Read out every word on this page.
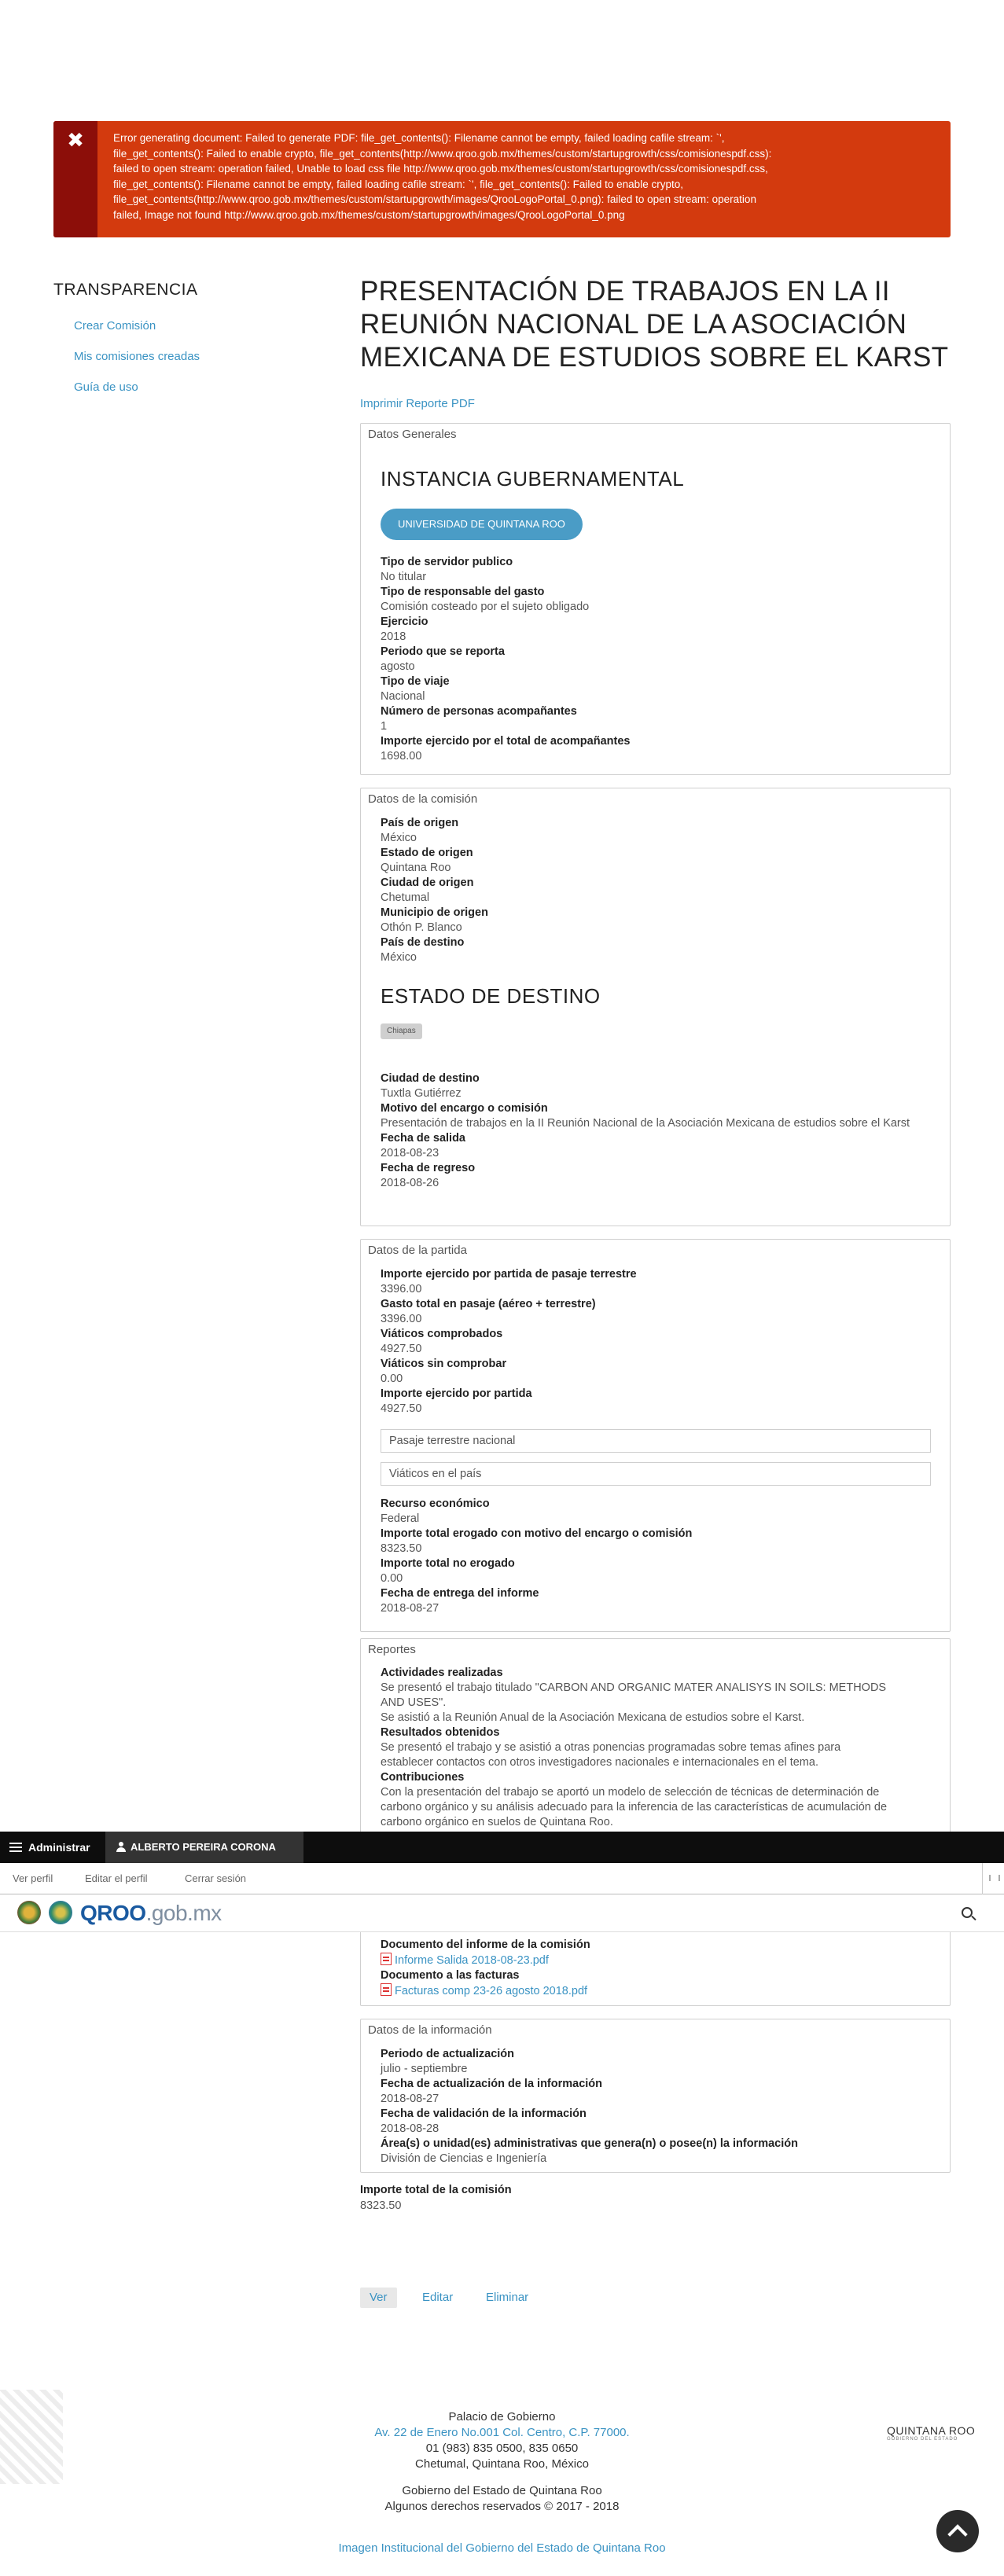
✖	Error generating document: Failed to generate PDF: file_get_contents(): Filename cannot be empty, failed loading cafile stream: `',
file_get_contents(): Failed to enable crypto, file_get_contents(http://www.qroo.gob.mx/themes/custom/startupgrowth/css/comisionespdf.css):
failed to open stream: operation failed, Unable to load css file http://www.qroo.gob.mx/themes/custom/startupgrowth/css/comisionespdf.css,
file_get_contents(): Filename cannot be empty, failed loading cafile stream: `', file_get_contents(): Failed to enable crypto,
file_get_contents(http://www.qroo.gob.mx/themes/custom/startupgrowth/images/QrooLogoPortal_0.png): failed to open stream: operation
failed, Image not found http://www.qroo.gob.mx/themes/custom/startupgrowth/images/QrooLogoPortal_0.png
TRANSPARENCIA
Crear Comisión
Mis comisiones creadas
Guía de uso
PRESENTACIÓN DE TRABAJOS EN LA II REUNIÓN NACIONAL DE LA ASOCIACIÓN MEXICANA DE ESTUDIOS SOBRE EL KARST
Imprimir Reporte PDF
Datos Generales
INSTANCIA GUBERNAMENTAL
UNIVERSIDAD DE QUINTANA ROO
Tipo de servidor publico
No titular
Tipo de responsable del gasto
Comisión costeado por el sujeto obligado
Ejercicio
2018
Periodo que se reporta
agosto
Tipo de viaje
Nacional
Número de personas acompañantes
1
Importe ejercido por el total de acompañantes
1698.00
Datos de la comisión
País de origen
México
Estado de origen
Quintana Roo
Ciudad de origen
Chetumal
Municipio de origen
Othón P. Blanco
País de destino
México
ESTADO DE DESTINO
Chiapas
Ciudad de destino
Tuxtla Gutiérrez
Motivo del encargo o comisión
Presentación de trabajos en la II Reunión Nacional de la Asociación Mexicana de estudios sobre el Karst
Fecha de salida
2018-08-23
Fecha de regreso
2018-08-26
Datos de la partida
Importe ejercido por partida de pasaje terrestre
3396.00
Gasto total en pasaje (aéreo + terrestre)
3396.00
Viáticos comprobados
4927.50
Viáticos sin comprobar
0.00
Importe ejercido por partida
4927.50
Pasaje terrestre nacional
Viáticos en el país
Recurso económico
Federal
Importe total erogado con motivo del encargo o comisión
8323.50
Importe total no erogado
0.00
Fecha de entrega del informe
2018-08-27
Reportes
Actividades realizadas
Se presentó el trabajo titulado "CARBON AND ORGANIC MATER ANALISYS IN SOILS: METHODS
AND USES".
Se asistió a la Reunión Anual de la Asociación Mexicana de estudios sobre el Karst.
Resultados obtenidos
Se presentó el trabajo y se asistió a otras ponencias programadas sobre temas afines para
establecer contactos con otros investigadores nacionales e internacionales en el tema.
Contribuciones
Con la presentación del trabajo se aportó un modelo de selección de técnicas de determinación de
carbono orgánico y su análisis adecuado para la inferencia de las características de acumulación de
carbono orgánico en suelos de Quintana Roo.
Documento del informe de la comisión
Informe Salida 2018-08-23.pdf
Documento a las facturas
Facturas comp 23-26 agosto 2018.pdf
Datos de la información
Periodo de actualización
julio - septiembre
Fecha de actualización de la información
2018-08-27
Fecha de validación de la información
2018-08-28
Área(s) o unidad(es) administrativas que genera(n) o posee(n) la información
División de Ciencias e Ingeniería
Administrar	ALBERTO PEREIRA CORONA
Ver perfil	Editar el perfil	Cerrar sesión
QROO.gob.mx
Importe total de la comisión
8323.50
Ver	Editar	Eliminar
Palacio de Gobierno
Av. 22 de Enero No.001 Col. Centro, C.P. 77000.
01 (983) 835 0500, 835 0650
Chetumal, Quintana Roo, México
Gobierno del Estado de Quintana Roo
Algunos derechos reservados © 2017 - 2018
Imagen Institucional del Gobierno del Estado de Quintana Roo
QUINTANA ROO
GOBIERNO DEL ESTADO
